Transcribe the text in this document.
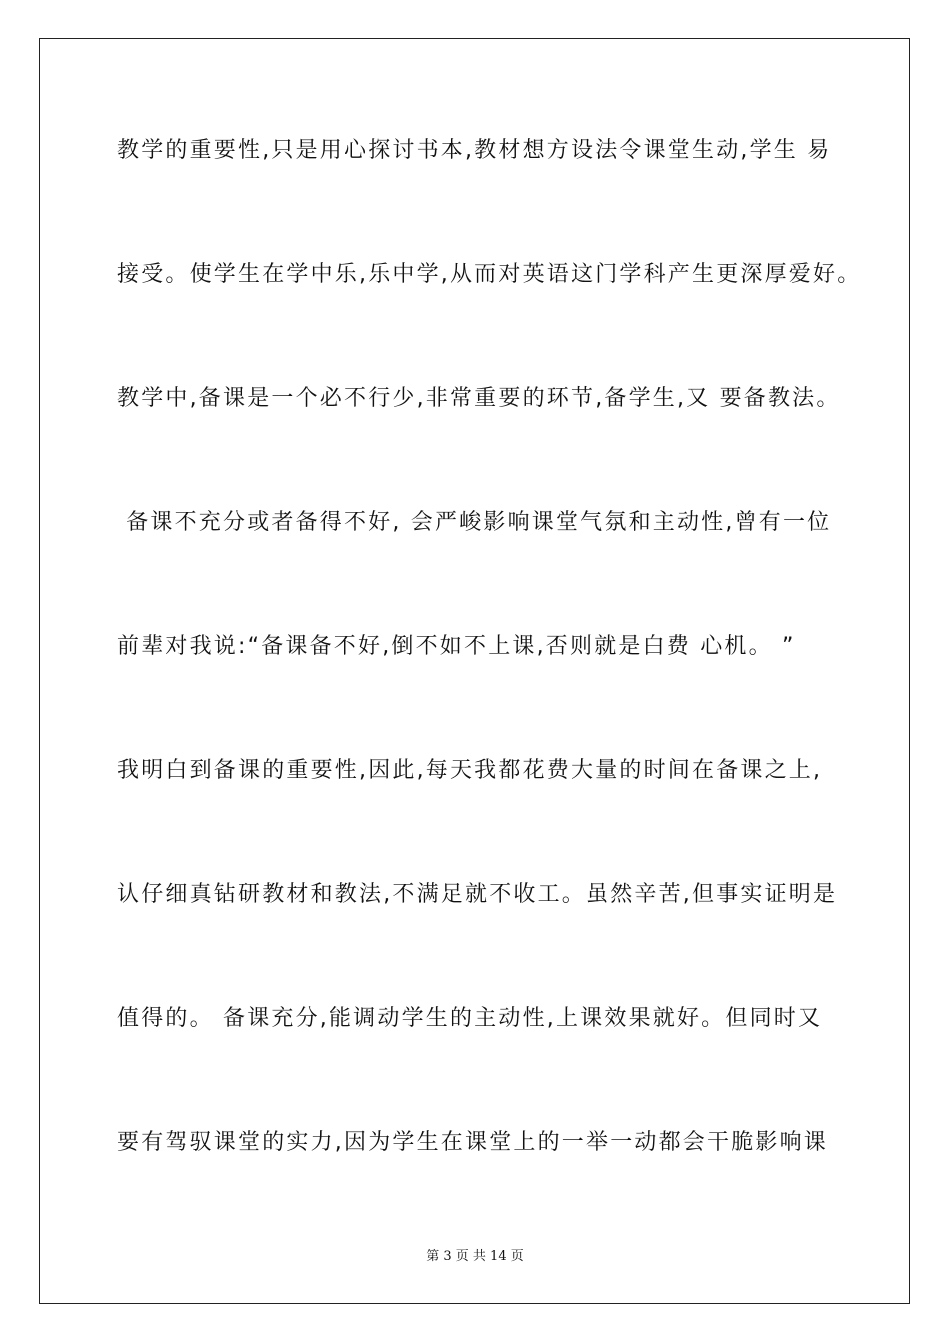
教学的重要性,只是用心探讨书本,教材想方设法令课堂生动,学生 易
接受。使学生在学中乐,乐中学,从而对英语这门学科产生更深厚爱好。
教学中,备课是一个必不行少,非常重要的环节,备学生,又 要备教法。
备课不充分或者备得不好, 会严峻影响课堂气氛和主动性,曾有一位
前辈对我说:“备课备不好,倒不如不上课,否则就是白费 心机。 ”
我明白到备课的重要性,因此,每天我都花费大量的时间在备课之上,
认仔细真钻研教材和教法,不满足就不收工。虽然辛苦,但事实证明是
值得的。 备课充分,能调动学生的主动性,上课效果就好。但同时又
要有驾驭课堂的实力,因为学生在课堂上的一举一动都会干脆影响课
第 3 页 共 14 页
